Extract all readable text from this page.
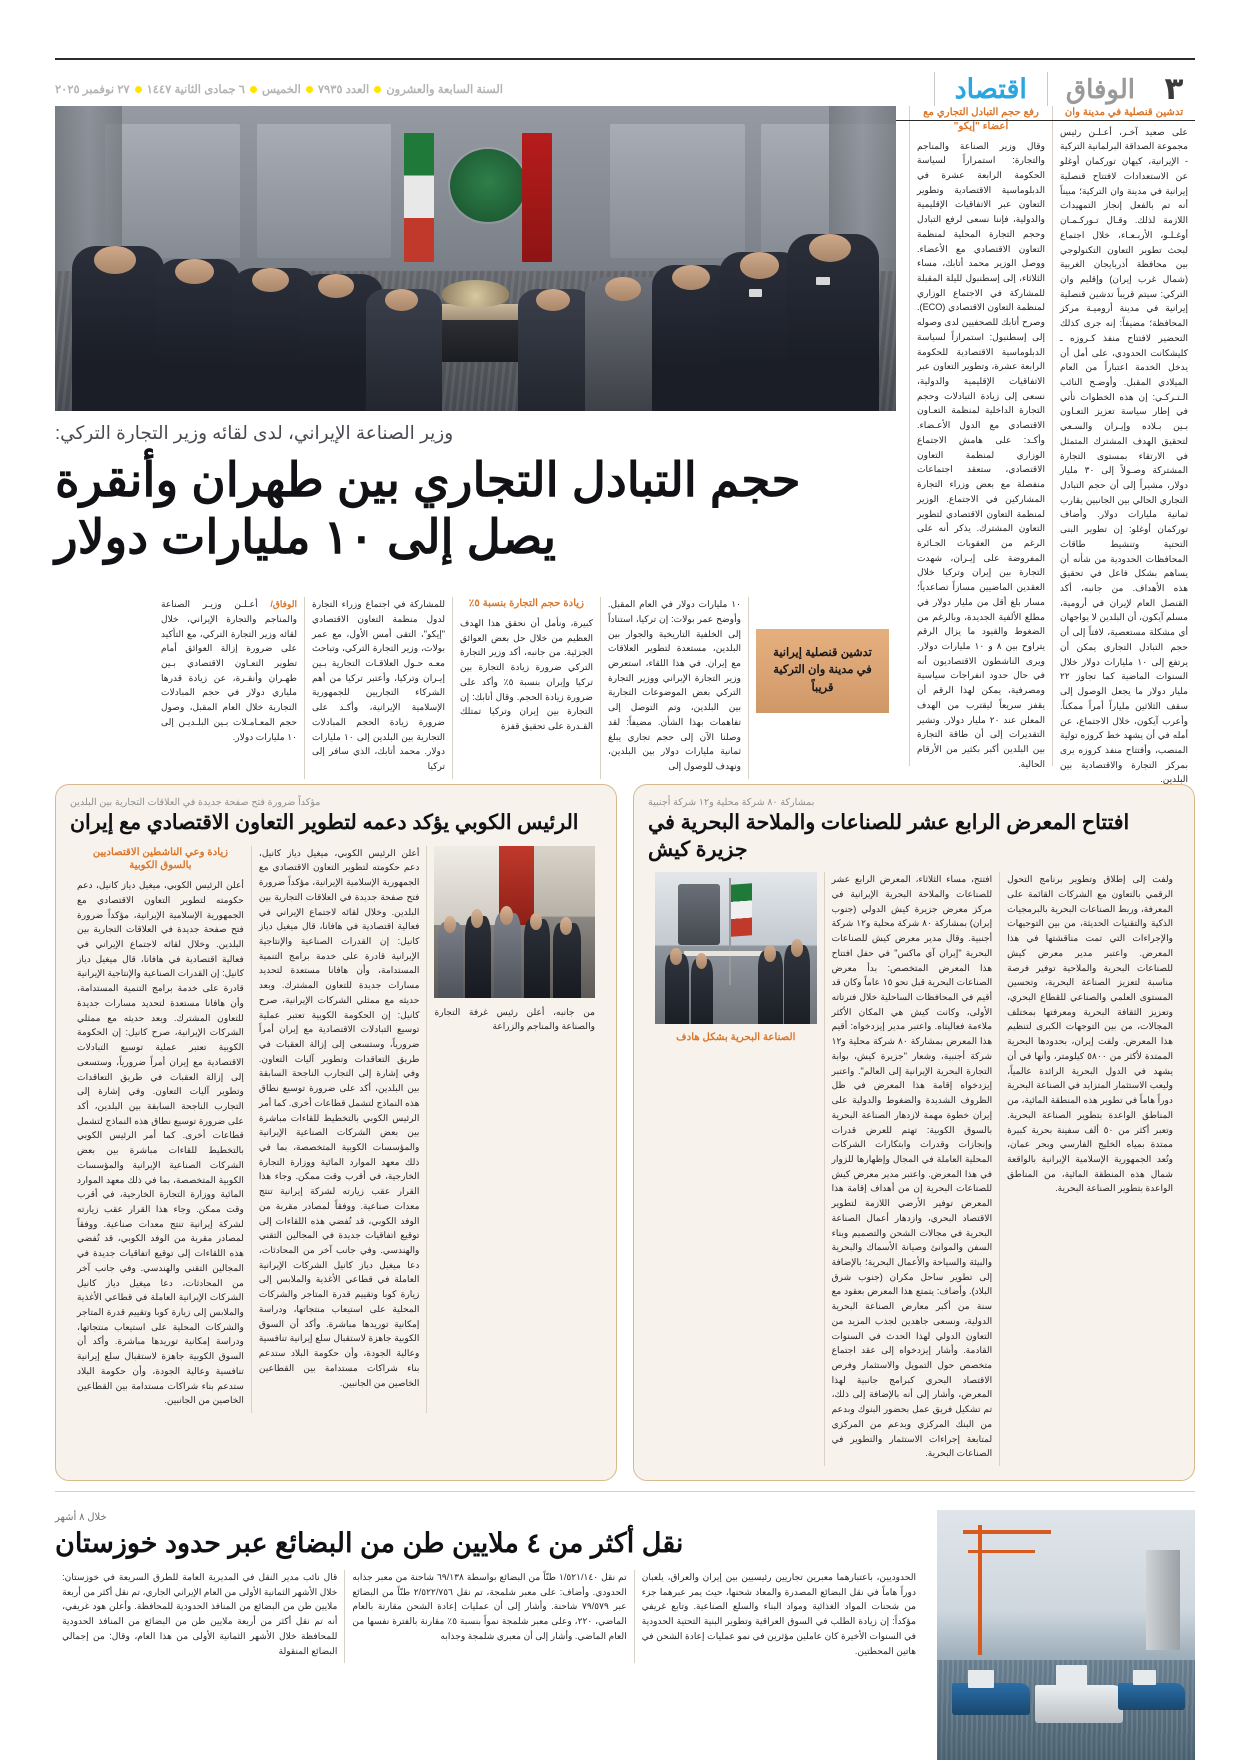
٣
الوفاق
اقتصاد
السنة السابعة والعشرون
العدد ٧٩٣٥
الخميس
٦ جمادى الثانية ١٤٤٧
٢٧ نوفمبر ٢٠٢٥

تدشين قنصلية في مدينة وان

على صعيد آخـر، أعـلـن رئيس مجموعة الصداقة البرلمانية التركية - الإيرانية، كيهان توركمان أوغلو عن الاستعدادات لافتتاح قنصلية إيرانية في مدينة وان التركية؛ مبيناً أنه تم بالفعل إنجاز التمهيدات اللازمة لذلك. وقـال تـوركـمـان أوغـلـو، الأربـعـاء، خلال اجتماع لبحث تطوير التعاون التكنولوجي بين محافظة أذربايجان الغربية (شمال غرب إيران) وإقليم وان التركي: سيتم قريباً تدشين قنصلية إيرانية في مدينة أروميـة مركز المحافظة؛ مضيفاً: إنه جرى كذلك التحضير لافتتاح منفذ كـروزه ـ كليشكانت الحدودي، على أمل أن يدخل الخدمة اعتباراً من العام الميلادي المقبل. وأوضـح النائب الـتـركـي: إن هذه الخطوات تأتي في إطار سياسة تعزيز التعـاون بـين بـلاده وإيـران والسـعي لتحقيق الهدف المشترك المتمثل في الارتقاء بمستوى التجارة المشتركة وصـولاً إلى ٣٠ مليار دولار، مشيراً إلى أن حجم التبادل التجاري الحالي بين الجانبين يقارب ثمانية مليارات دولار. وأضاف توركمان أوغلو: إن تطوير البنى التحتية وتنشيط طاقات المحافظات الحدودية من شأنه أن يساهم بشكل فاعل في تحقيق هذه الأهداف. من جانبه، أكد القنصل العام لإيران في أرومية، مسلم آيكون، أن البلدين لا يواجهان أي مشكلة مستعصية، لافتاً إلى أن حجم التبادل التجاري يمكن أن يرتفع إلى ١٠ مليارات دولار خلال السنوات الماضية كما تجاوز ٢٢ مليار دولار ما يجعل الوصول إلى سقف الثلاثين ملياراً أمراً ممكناً. وأعرب آيكون، خلال الاجتماع، عن أمله في أن يشهد خط كروزه تولية المنصب، وأفتتاح منفذ كروزه يرى بمركز التجارة والاقتصادية بين البلدين.

رفع حجم التبادل التجاري مع أعضاء "إيكو"

وقال وزير الصناعة والمناجم والتجارة: استمراراً لسياسة الحكومة الرابعة عشرة في الدبلوماسية الاقتصادية وتطوير التعاون عبر الاتفاقيات الإقليمية والدولية، فإننا نسعى لرفع التبادل وحجم التجارة المحلية لمنظمة التعاون الاقتصادي مع الأعضاء. ووصل الوزير محمد أتابك، مساء الثلاثاء، إلى إسطنبول لليلة المقبلة للمشاركة في الاجتماع الوزاري لمنظمة التعاون الاقتصادي (ECO). وصرح أتابك للصحفيين لدى وصوله إلى إسطنبول: استمرازاً لسياسة الدبلوماسية الاقتصادية للحكومة الرابعة عشرة، وتطوير التعاون عبر الاتفاقيات الإقليمية والدولية، نسعى إلى زيادة التبادلات وحجم التجارة الداخلية لمنظمة التعـاون الاقتصادي مع الدول الأعـضاء. وأكـد: على هامش الاجتماع الوزاري لمنظمة التعاون الاقتصادي، ستعقد اجتماعات منفصلة مع بعض وزراء التجارة المشاركين في الاجتماع. الوزير لمنظمة التعاون الاقتصادي لتطوير التعاون المشترك. يذكر أنه على الرغم من العقوبات الجـائرة المفروضة على إيـران، شهدت التجارة بين إيران وتركيا خلال العقدين الماضيين مسازاً تصاعدياً؛ مسار بلغ أقل من مليار دولار في مطلع الألفية الجديدة، وبالرغم من الضغوط والقيود ما يزال الرقم يتراوح بين ٨ و ١٠ مليارات دولار. ويرى الناشطون الاقتصاديون أنه في حال حدود انفراجات سياسية ومصرفية، يمكن لهذا الرقم أن يقفز سريعاً ليقترب من الهدف المعلن عند ٢٠ مليار دولار. وتشير التقديرات إلى أن طاقة التجارة بين البلدين أكبر بكثير من الأرقام الحالية.

وزير الصناعة الإيراني، لدى لقائه وزير التجارة التركي:
حجم التبادل التجاري بين طهران وأنقرة يصل إلى ١٠ مليارات دولار
تدشين قنصلية إيرانية في مدينة وان التركية قريباً

١٠ مليارات دولار في العام المقبل. وأوضح عمر بولات: إن تركيا، استناداً إلى الخلفية التاريخية والجوار بين البلدين، مستعدة لتطوير العلاقات مع إيران. في هذا اللقاء، استعرض وزير التجارة الإيراني ووزير التجارة التركي بعض الموضوعات التجارية بين البلدين، وتم التوصل إلى تفاهمات بهذا الشأن. مضيفاً: لقد وصلنا الآن إلى حجم تجاري يبلغ ثمانية مليارات دولار بين البلدين، ونهدف للوصول إلى

زيادة حجم التجارة بنسبة ٥٪

كبيرة، ونأمل أن نحقق هذا الهدف العظيم من خلال حل بعض العوائق الجزئية. من جانبه، أكد وزير التجارة التركي ضرورة زيادة التجارة بين تركيا وإيران بنسبة ٥٪ وأكد على ضرورة زيادة الحجم. وقال أتابك: إن التجارة بين إيران وتركيا تمتلك القـدرة على تحقيق قفزة

للمشاركة في اجتماع وزراء التجارة لدول منظمة التعاون الاقتصادي "إيكو"، التقى أمس الأول، مع عمر بولات، وزير التجارة التركي، وتباحث معـه حـول العلاقـات التجارية بـين إيـران وتركيا، وأعتبر تركيا من أهم الشركاء التجاريين للجمهورية الإسلامية الإيرانية، وأكـد على ضرورة زيادة الحجم المبادلات التجارية بين البلدين إلى ١٠ مليارات دولار. محمد أتابك، الذي سافر إلى تركيا

الوفاق/ أعـلـن وزيـر الصناعة والمناجم والتجارة الإيراني، خلال لقائه وزير التجارة التركي، مع التأكيد على ضرورة إزالة العوائق أمام تطوير التعـاون الاقتصادي بـين طهـران وأنقـرة، عن زيادة قدرها ملياري دولار في حجم المبادلات التجارية خلال العام المقبل، وصول حجم المعـامـلات بـين البلـديـن إلى ١٠ مليارات دولار.

بمشاركة ٨٠ شركة محلية و١٢ شركة أجنبية
افتتاح المعرض الرابع عشر للصناعات والملاحة البحرية في جزيرة كيش

ولفت إلى إطلاق وتطوير برنامج التحول الرقمي بالتعاون مع الشركات القائمة على المعرفة، وربط الصناعات البحرية بالبرمجيات الذكية والتقنيات الحديثة، من بين التوجيهات والإجراءات التي تمت مناقشتها في هذا المعرض. واعتبر مدير معرض كيش للصناعات البحرية والملاحية توفير فرصة مناسبة لتعزيز الصناعة البحرية، وتحسين المستوى العلمي والصناعي للقطاع البحري، وتعزيز الثقافة البحرية ومعرفتها بمختلف المجالات، من بين التوجهات الكبرى لتنظيم هذا المعرض. ولفت إيران، بحدودها البحرية الممتدة لأكثر من ٥٨٠٠ كيلومتر، وأنها في أن يشهد في الدول البحرية الرائدة عالمياً، وليعب الاستثمار المتزايد في الصناعة البحرية دوراً هاماً في تطوير هذه المنطقة المائية، من المناطق الواعدة بتطوير الصناعة البحرية. وتعبر أكثر من ٥٠ ألف سفينة بحرية كبيرة ممتدة بمياه الخليج الفارسي وبحر عمان، وتُعد الجمهورية الإسلامية الإيرانية بالواقعة شمال هذه المنطقة المائية، من المناطق الواعدة بتطوير الصناعة البحرية.

افتتح، مساء الثلاثاء، المعرض الرابع عشر للصناعات والملاحة البحرية الإيرانية في مركز معرض جزيرة كيش الدولي (جنوب إيران) بمشاركة ٨٠ شركة محلية و١٢ شركة أجنبية. وقال مدير معرض كيش للصناعات البحرية "إيران آي ماكس" في حفل افتتاح هذا المعرض المتخصص: بدأ معرض الصناعات البحرية قبل نحو ١٥ عاماً وكان قد أقيم في المحافظات الساحلية خلال فترتاته الأولى، وكانت كيش هي المكان الأكثر ملاءمة فعاليتاه. واعتبر مدير إيزدخواه: أقيم هذا المعرض بمشاركة ٨٠ شركة محلية و١٢ شركة أجنبية، وشعار "جزيرة كيش، بوابة التجارة البحرية الإيرانية إلى العالم". واعتبر إيزدخواه إقامة هذا المعرض في ظل الظروف الشديدة والضغوط والدولية على إيران خطوة مهمة لازدهار الصناعة البحرية بالسوق الكوبية: تهتم للعرض قدرات وإنجازات وقدرات وابتكارات الشركات المحلية العاملة في المجال وإظهارها للزوار في هذا المعرض. واعتبر مدير معرض كيش للصناعات البحرية إن من أهداف إقامة هذا المعرض توفير الأرضي اللازمة لتطوير الاقتصاد البحري، وازدهار أعمال الصناعة البحرية في مجالات الشحن والتصميم وبناء السفن والموانئ وصيانة الأسماك والبحرية والبيئة والسياحة والأعمال البحرية؛ بالإضافة إلى تطوير ساحل مكران (جنوب شرق البلاد). وأضاف: يتمتع هذا المعرض بعقود مع سنة من أكبر معارض الصناعة البحرية الدولية، ونسعى جاهدين لجذب المزيد من التعاون الدولي لهذا الحدث في السنوات القادمة. وأشار إيزدخواه إلى عقد اجتماع متخصص حول التمويل والاستثمار وفرص الاقتصاد البحري كبرامج جانبية لهذا المعرض، وأشار إلى أنه بالإضافة إلى ذلك، تم تشكيل فريق عمل بحضور البنوك وبدعم من البنك المركزي وبدعم من المركزي لمتابعة إجراءات الاستثمار والتطوير في الصناعات البحرية.

الصناعة البحرية بشكل هادف

مؤكداً ضرورة فتح صفحة جديدة في العلاقات التجارية بين البلدين
الرئيس الكوبي يؤكد دعمه لتطوير التعاون الاقتصادي مع إيران

من جانبه، أعلن رئيس غرفة التجارة والصناعة والمناجم والزراعة

أعلن الرئيس الكوبي، ميغيل دياز كانيل، دعم حكومته لتطوير التعاون الاقتصادي مع الجمهورية الإسلامية الإيرانية، مؤكداً ضرورة فتح صفحة جديدة في العلاقات التجارية بين البلدين. وخلال لقائه لاجتماع الإيراني في فعالية اقتصادية في هافانا، قال ميغيل دياز كانيل: إن القدرات الصناعية والإنتاجية الإيرانية قادرة على خدمة برامج التنمية المستدامة، وأن هافانا مستعدة لتحديد مسارات جديدة للتعاون المشترك. وبعد حديثه مع ممثلي الشركات الإيرانية، صرح كانيل: إن الحكومة الكوبية تعتبر عملية توسيع التبادلات الاقتصادية مع إيران أمراً ضرورياً، وستسعى إلى إزالة العقبات في طريق التعاقدات وتطوير آليات التعاون. وفي إشارة إلى التجارب الناجحة السابقة بين البلدين، أكد على ضرورة توسيع نطاق هذه النماذج لتشمل قطاعات أخرى. كما أمر الرئيس الكوبي بالتخطيط للقاءات مباشرة بين بعض الشركات الصناعية الإيرانية والمؤسسات الكوبية المتخصصة، بما في ذلك معهد الموارد المائية ووزارة التجارة الخارجية، في أقرب وقت ممكن. وجاء هذا القرار عقب زيارته لشركة إيرانية تنتج معدات صناعية. ووفقاً لمصادر مقربة من الوفد الكوبي، قد تُفضي هذه اللقاءات إلى توقيع اتفاقيات جديدة في المجالين التقني والهندسي. وفي جانب آخر من المحادثات، دعا ميغيل دياز كانيل الشركات الإيرانية العاملة في قطاعي الأغذية والملابس إلى زيارة كوبا وتقييم قدرة المتاجر والشركات المحلية على استيعاب منتجاتها، ودراسة إمكانية توريدها مباشرة. وأكد أن السوق الكوبية جاهزة لاستقبال سلع إيرانية تنافسية وعالية الجودة، وأن حكومة البلاد ستدعم بناء شراكات مستدامة بين القطاعين الخاصين من الجانبين.

زيادة وعي الناشطين الاقتصاديين بالسوق الكوبية

أعلن الرئيس الكوبي، ميغيل دياز كانيل، دعم حكومته لتطوير التعاون الاقتصادي مع الجمهورية الإسلامية الإيرانية، مؤكداً ضرورة فتح صفحة جديدة في العلاقات التجارية بين البلدين. وخلال لقائه لاجتماع الإيراني في فعالية اقتصادية في هافانا، قال ميغيل دياز كانيل: إن القدرات الصناعية والإنتاجية الإيرانية قادرة على خدمة برامج التنمية المستدامة، وأن هافانا مستعدة لتحديد مسارات جديدة للتعاون المشترك. وبعد حديثه مع ممثلي الشركات الإيرانية، صرح كانيل: إن الحكومة الكوبية تعتبر عملية توسيع التبادلات الاقتصادية مع إيران أمراً ضرورياً، وستسعى إلى إزالة العقبات في طريق التعاقدات وتطوير آليات التعاون. وفي إشارة إلى التجارب الناجحة السابقة بين البلدين، أكد على ضرورة توسيع نطاق هذه النماذج لتشمل قطاعات أخرى. كما أمر الرئيس الكوبي بالتخطيط للقاءات مباشرة بين بعض الشركات الصناعية الإيرانية والمؤسسات الكوبية المتخصصة، بما في ذلك معهد الموارد المائية ووزارة التجارة الخارجية، في أقرب وقت ممكن. وجاء هذا القرار عقب زيارته لشركة إيرانية تنتج معدات صناعية. ووفقاً لمصادر مقربة من الوفد الكوبي، قد تُفضي هذه اللقاءات إلى توقيع اتفاقيات جديدة في المجالين التقني والهندسي. وفي جانب آخر من المحادثات، دعا ميغيل دياز كانيل الشركات الإيرانية العاملة في قطاعي الأغذية والملابس إلى زيارة كوبا وتقييم قدرة المتاجر والشركات المحلية على استيعاب منتجاتها، ودراسة إمكانية توريدها مباشرة. وأكد أن السوق الكوبية جاهزة لاستقبال سلع إيرانية تنافسية وعالية الجودة، وأن حكومة البلاد ستدعم بناء شراكات مستدامة بين القطاعين الخاصين من الجانبين.

خلال ٨ أشهر
نقل أكثر من ٤ ملايين طن من البضائع عبر حدود خوزستان

الحدوديين، باعتبارهما معبرين تجاريين رئيسيين بين إيران والعراق، يلعبان دوراً هاماً في نقل البضائع المصدرة والمعاد شحنها، حيث يمر عبرهما جزء من شحنات المواد الغذائية ومواد البناء والسلع الصناعية. وتابع غريفي مؤكداً: إن زيادة الطلب في السوق العراقية وتطوير البنية التحتية الحدودية في السنوات الأخيرة كان عاملين مؤثرين في نمو عمليات إعادة الشحن في هاتين المحطتين.

تم نقل ١/٥٢١/١٤٠ طنّاً من البضائع بواسطة ٦٩/١٣٨ شاحنة من معبر جذابه الحدودي. وأضاف: على معبر شلمجة، تم نقل ٢/٥٢٢/٧٥٦ طنّاً من البضائع عبر ٧٩/٥٧٩ شاحنة. وأشار إلى أن عمليات إعادة الشحن مقارنة بالعام الماضي، ٢٢٠، وعلى معبر شلمجة نمواً بنسبة ٥٪ مقارنة بالفترة نفسها من العام الماضي. وأشار إلى أن معبري شلمجة وجذابه

قال نائب مدير النقل في المديرية العامة للطرق السريعة في خوزستان: خلال الأشهر الثمانية الأولى من العام الإيراني الجاري، تم نقل أكثر من أربعة ملايين طن من البضائع من المنافذ الحدودية للمحافظة. وأعلن هود غريفي، أنه تم نقل أكثر من أربعة ملايين طن من البضائع من المنافذ الحدودية للمحافظة خلال الأشهر الثمانية الأولى من هذا العام، وقال: من إجمالي البضائع المنقولة
